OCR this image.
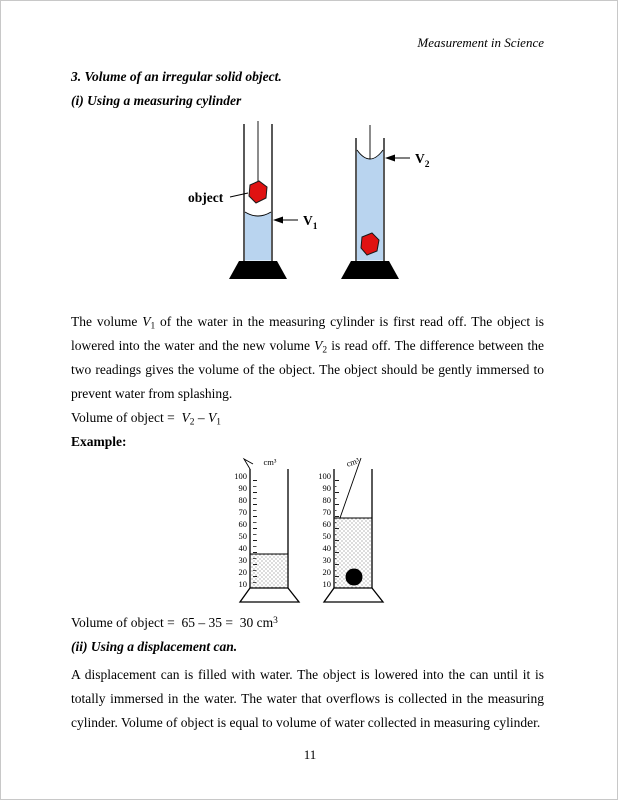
Measurement in Science
3. Volume of an irregular solid object.
(i) Using a measuring cylinder
object
$V_1$
$V_2$

The volume $V_1$ of the water in the measuring cylinder is first read off. The object is lowered into the water and the new volume $V_2$ is read off. The difference between the two readings gives the volume of the object. The object should be gently immersed to prevent water from splashing.

Volume of object =  $V_2 - V_1$
Example:
cm³
100
90
80
70
60
50
40
30
20
10
cm³
100
90
80
70
60
50
40
30
20
10
Volume of object =  65 – 35 =  30 $cm^3$
(ii) Using a displacement can.

A displacement can is filled with water. The object is lowered into the can until it is totally immersed in the water. The water that overflows is collected in the measuring cylinder. Volume of object is equal to volume of water collected in measuring cylinder.

11
